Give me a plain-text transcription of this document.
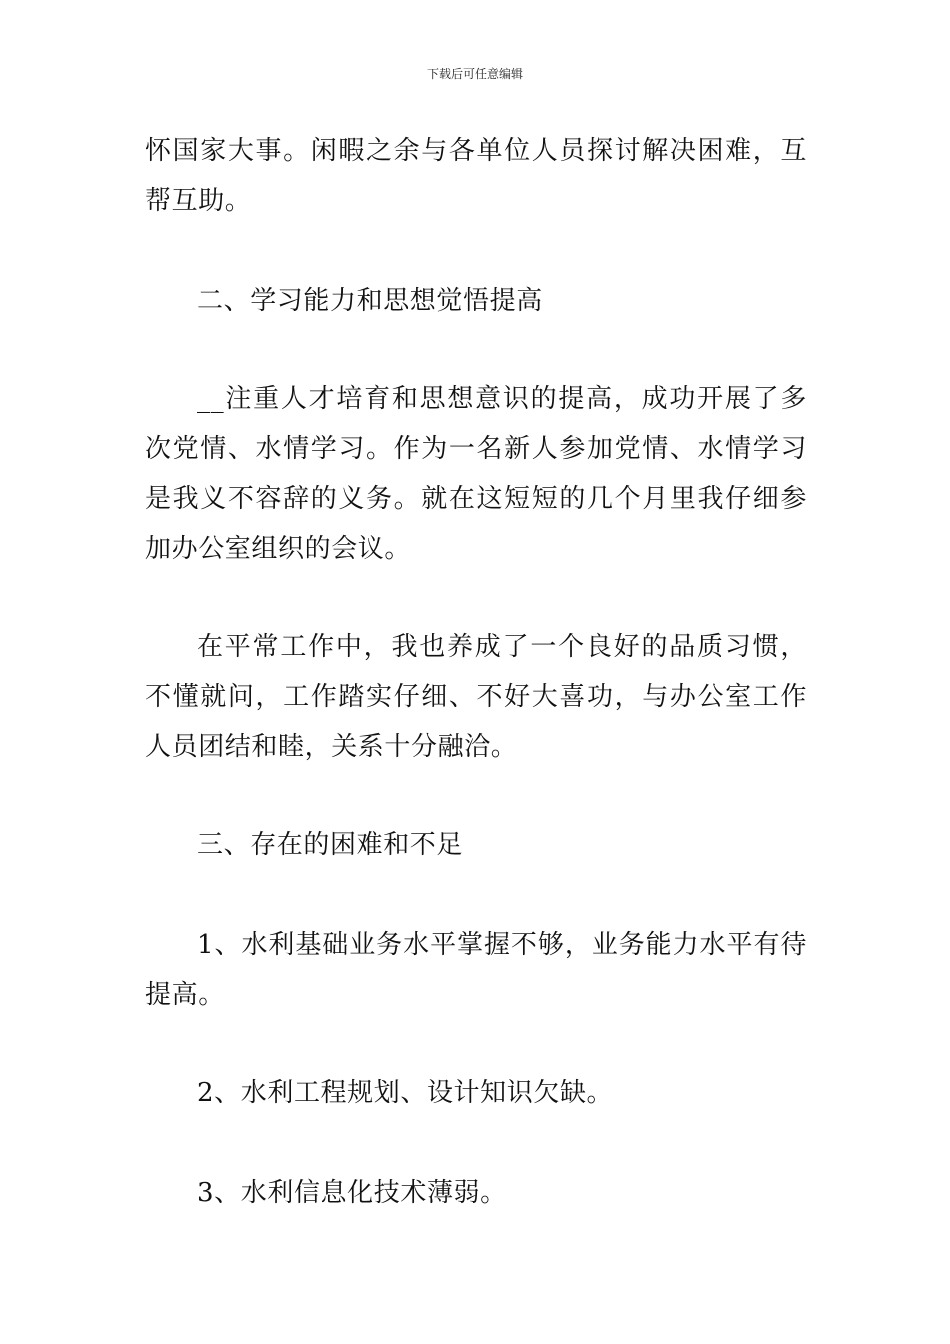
下载后可任意编辑

怀国家大事。闲暇之余与各单位人员探讨解决困难，互帮互助。

二、学习能力和思想觉悟提高

__注重人才培育和思想意识的提高，成功开展了多次党情、水情学习。作为一名新人参加党情、水情学习是我义不容辞的义务。就在这短短的几个月里我仔细参加办公室组织的会议。

在平常工作中，我也养成了一个良好的品质习惯，不懂就问，工作踏实仔细、不好大喜功，与办公室工作人员团结和睦，关系十分融洽。

三、存在的困难和不足

1、水利基础业务水平掌握不够，业务能力水平有待提高。

2、水利工程规划、设计知识欠缺。

3、水利信息化技术薄弱。
